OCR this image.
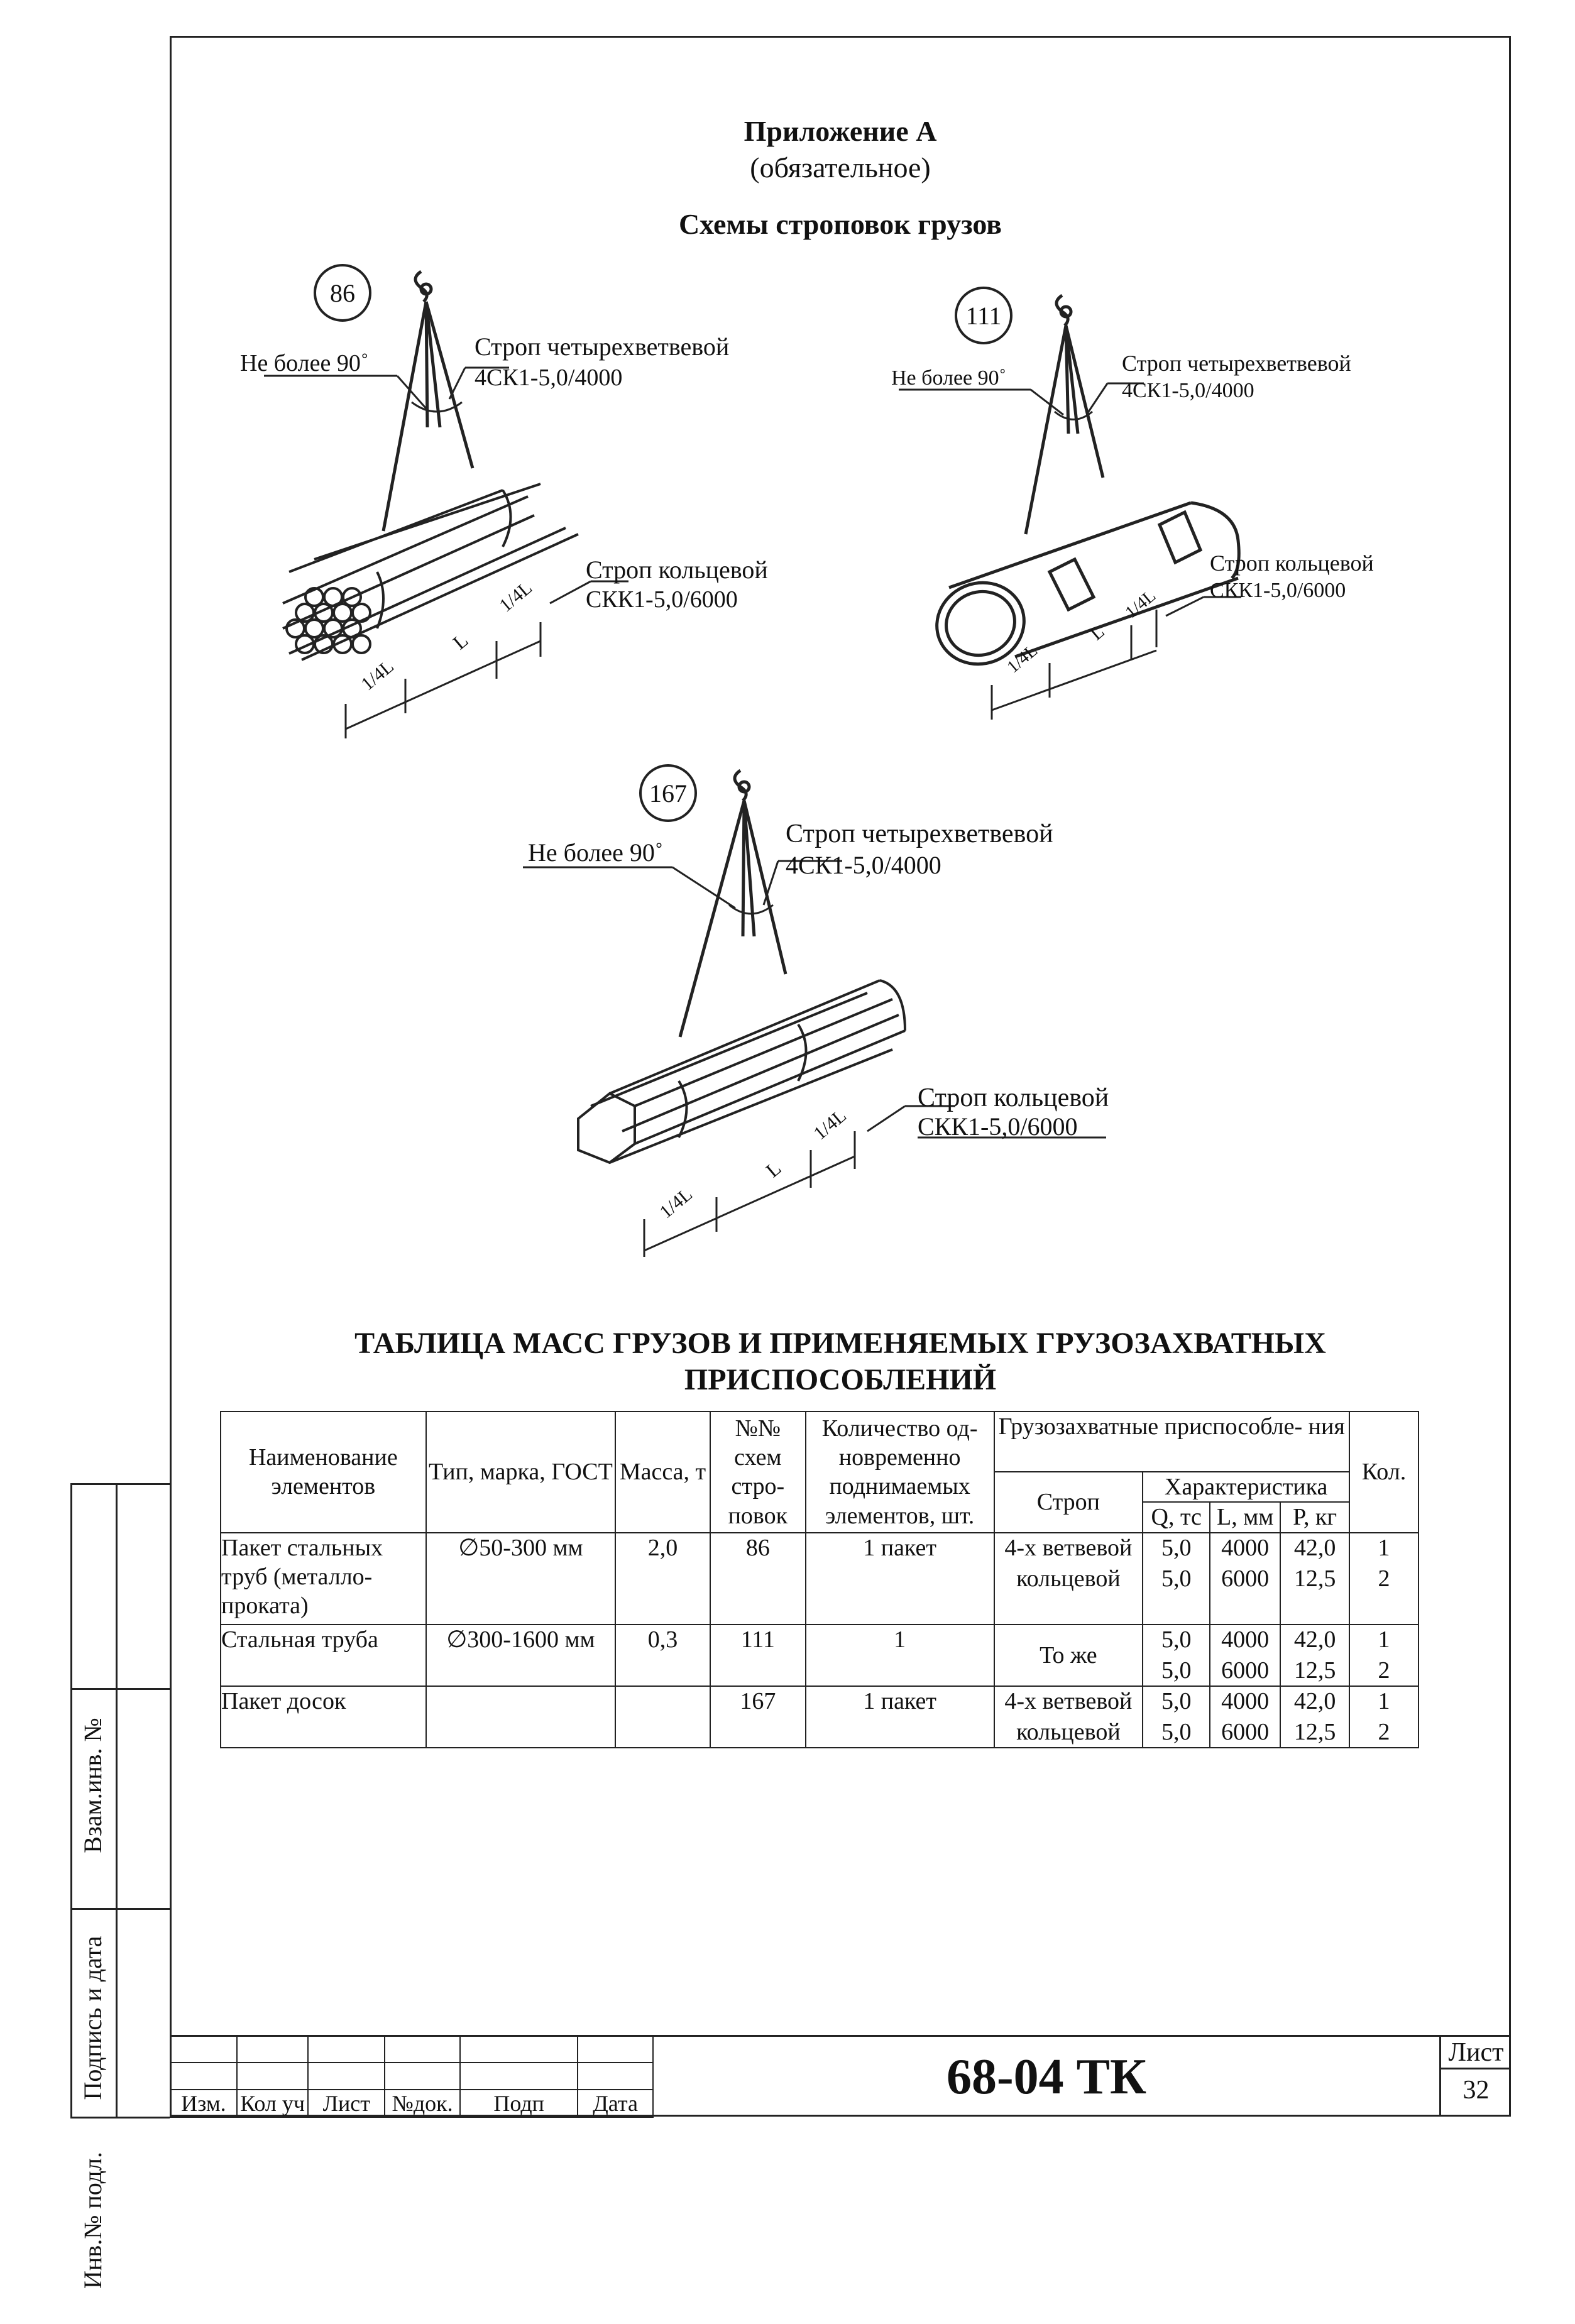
Взам.инв. №
Подпись и дата
Инв.№ подл.
Приложение А
(обязательное)
Схемы строповок грузов
86
Не более 90˚
Строп четырехветвевой
4СК1-5,0/4000
1/4L
1/4L
L
Строп кольцевой
СКК1-5,0/6000
111
Не более 90˚
Строп четырехветвевой
4СК1-5,0/4000
1/4L
1/4L
L
Строп кольцевой
СКК1-5,0/6000
167
Не более 90˚
Строп четырехветвевой
4СК1-5,0/4000
1/4L
1/4L
L
Строп кольцевой
СКК1-5,0/6000
ТАБЛИЦА МАСС ГРУЗОВ И ПРИМЕНЯЕМЫХ ГРУЗОЗАХВАТНЫХ
ПРИСПОСОБЛЕНИЙ
Наименование элементов	Тип, марка, ГОСТ	Масса, т	№№ схем стро- повок	Количество од- новременно поднимаемых элементов, шт.	Грузозахватные приспособле- ния				Кол.
					Строп	Характеристика			
						Q, тс	L, мм	P, кг	
Пакет стальных труб (металло- проката)	∅50-300 мм	2,0	86	1 пакет	4-х ветвевой	5,0	4000	42,0	1
					кольцевой	5,0	6000	12,5	2
Стальная труба	∅300-1600 мм	0,3	111	1	То же	5,0	4000	42,0	1
						5,0	6000	12,5	2
Пакет досок			167	1 пакет	4-х ветвевой	5,0	4000	42,0	1
					кольцевой	5,0	6000	12,5	2

Изм.	Кол уч	Лист	№док.	Подп	Дата	68-04 ТК	Лист
32
